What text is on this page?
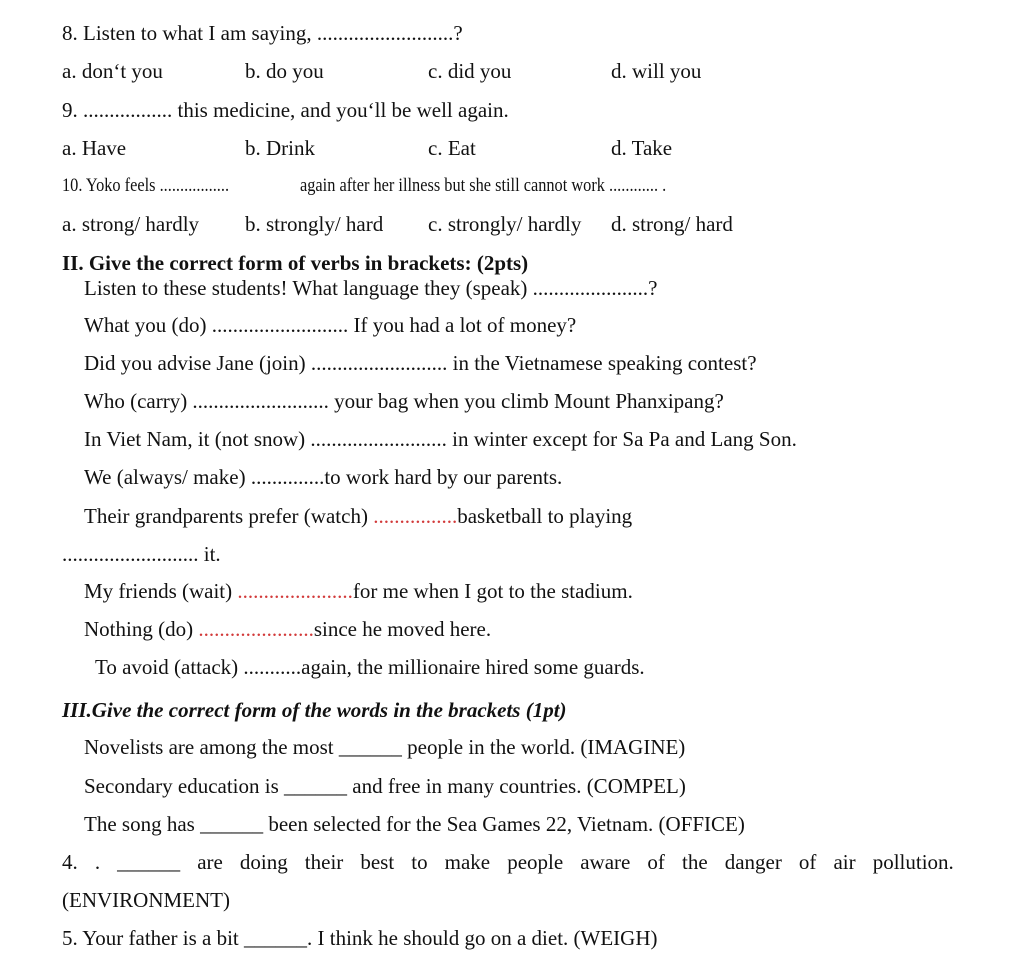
8. Listen to what I am saying, ..........................?
a. don‘t you	b. do you	c. did you	d. will you
9. ................. this medicine, and you‘ll be well again.
a. Have	b. Drink	c. Eat	d. Take
10. Yoko feels .................	again after her illness but she still cannot work ............ .
a. strong/ hardly b. strongly/ hard c. strongly/ hardly d. strong/ hard
II. Give the correct form of verbs in brackets: (2pts)
Listen to these students! What language they (speak) ......................?
What you (do) .......................... If you had a lot of money?
Did you advise Jane (join) .......................... in the Vietnamese speaking contest?
Who (carry) .......................... your bag when you climb Mount Phanxipang?
In Viet Nam, it (not snow) .......................... in winter except for Sa Pa and Lang Son.
We (always/ make) ..............to work hard by our parents.
Their grandparents prefer (watch) ................basketball to playing
.......................... it.
My friends (wait) ......................for me when I got to the stadium.
Nothing (do) ......................since he moved here.
To avoid (attack) ...........again, the millionaire hired some guards.
III.Give the correct form of the words in the brackets (1pt)
Novelists are among the most ______ people in the world. (IMAGINE)
Secondary education is ______ and free in many countries. (COMPEL)
The song has ______ been selected for the Sea Games 22, Vietnam. (OFFICE)
4. . ______ are doing their best to make people aware of the danger of air pollution.
(ENVIRONMENT)
5. Your father is a bit ______. I think he should go on a diet. (WEIGH)
